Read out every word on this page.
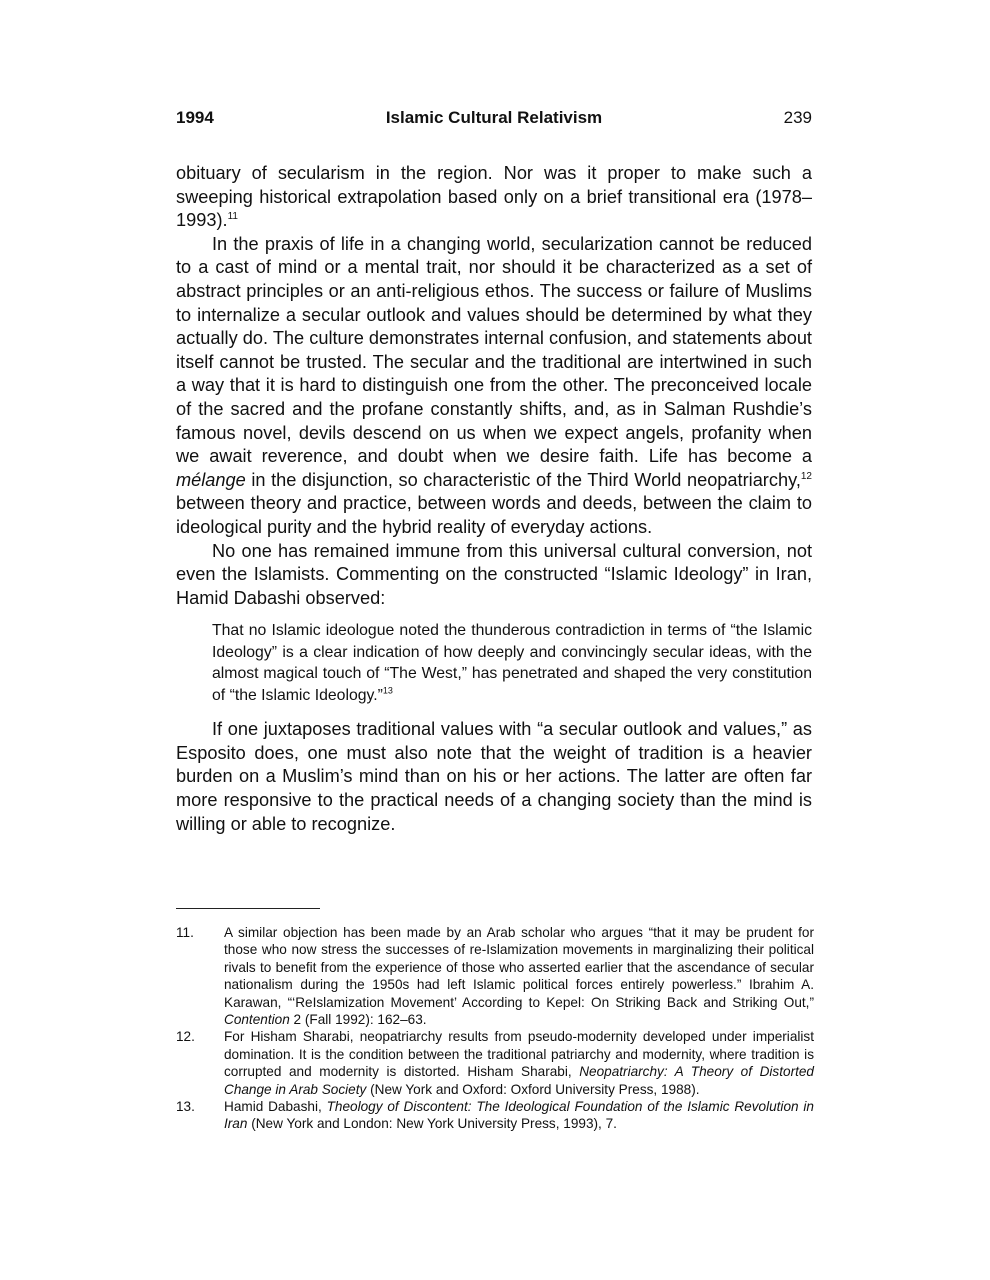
1994	Islamic Cultural Relativism	239

obituary of secularism in the region. Nor was it proper to make such a sweeping historical extrapolation based only on a brief transitional era (1978–1993).$^{11}$

In the praxis of life in a changing world, secularization cannot be reduced to a cast of mind or a mental trait, nor should it be characterized as a set of abstract principles or an anti-religious ethos. The success or failure of Muslims to internalize a secular outlook and values should be determined by what they actually do. The culture demonstrates internal confusion, and statements about itself cannot be trusted. The secular and the traditional are intertwined in such a way that it is hard to distinguish one from the other. The preconceived locale of the sacred and the profane constantly shifts, and, as in Salman Rushdie’s famous novel, devils descend on us when we expect angels, profanity when we await reverence, and doubt when we desire faith. Life has become a mélange in the disjunction, so characteristic of the Third World neopatriarchy,$^{12}$ between theory and practice, between words and deeds, between the claim to ideological purity and the hybrid reality of everyday actions.

No one has remained immune from this universal cultural conversion, not even the Islamists. Commenting on the constructed “Islamic Ideology” in Iran, Hamid Dabashi observed:

That no Islamic ideologue noted the thunderous contradiction in terms of “the Islamic Ideology” is a clear indication of how deeply and convincingly secular ideas, with the almost magical touch of “The West,” has penetrated and shaped the very constitution of “the Islamic Ideology.”$^{13}$

If one juxtaposes traditional values with “a secular outlook and values,” as Esposito does, one must also note that the weight of tradition is a heavier burden on a Muslim’s mind than on his or her actions. The latter are often far more responsive to the practical needs of a changing society than the mind is willing or able to recognize.

11. A similar objection has been made by an Arab scholar who argues “that it may be prudent for those who now stress the successes of re-Islamization movements in marginalizing their political rivals to benefit from the experience of those who asserted earlier that the ascendance of secular nationalism during the 1950s had left Islamic political forces entirely powerless.” Ibrahim A. Karawan, “‘ReIslamization Movement’ According to Kepel: On Striking Back and Striking Out,” Contention 2 (Fall 1992): 162–63.

12. For Hisham Sharabi, neopatriarchy results from pseudo-modernity developed under imperialist domination. It is the condition between the traditional patriarchy and modernity, where tradition is corrupted and modernity is distorted. Hisham Sharabi, Neopatriarchy: A Theory of Distorted Change in Arab Society (New York and Oxford: Oxford University Press, 1988).

13. Hamid Dabashi, Theology of Discontent: The Ideological Foundation of the Islamic Revolution in Iran (New York and London: New York University Press, 1993), 7.
